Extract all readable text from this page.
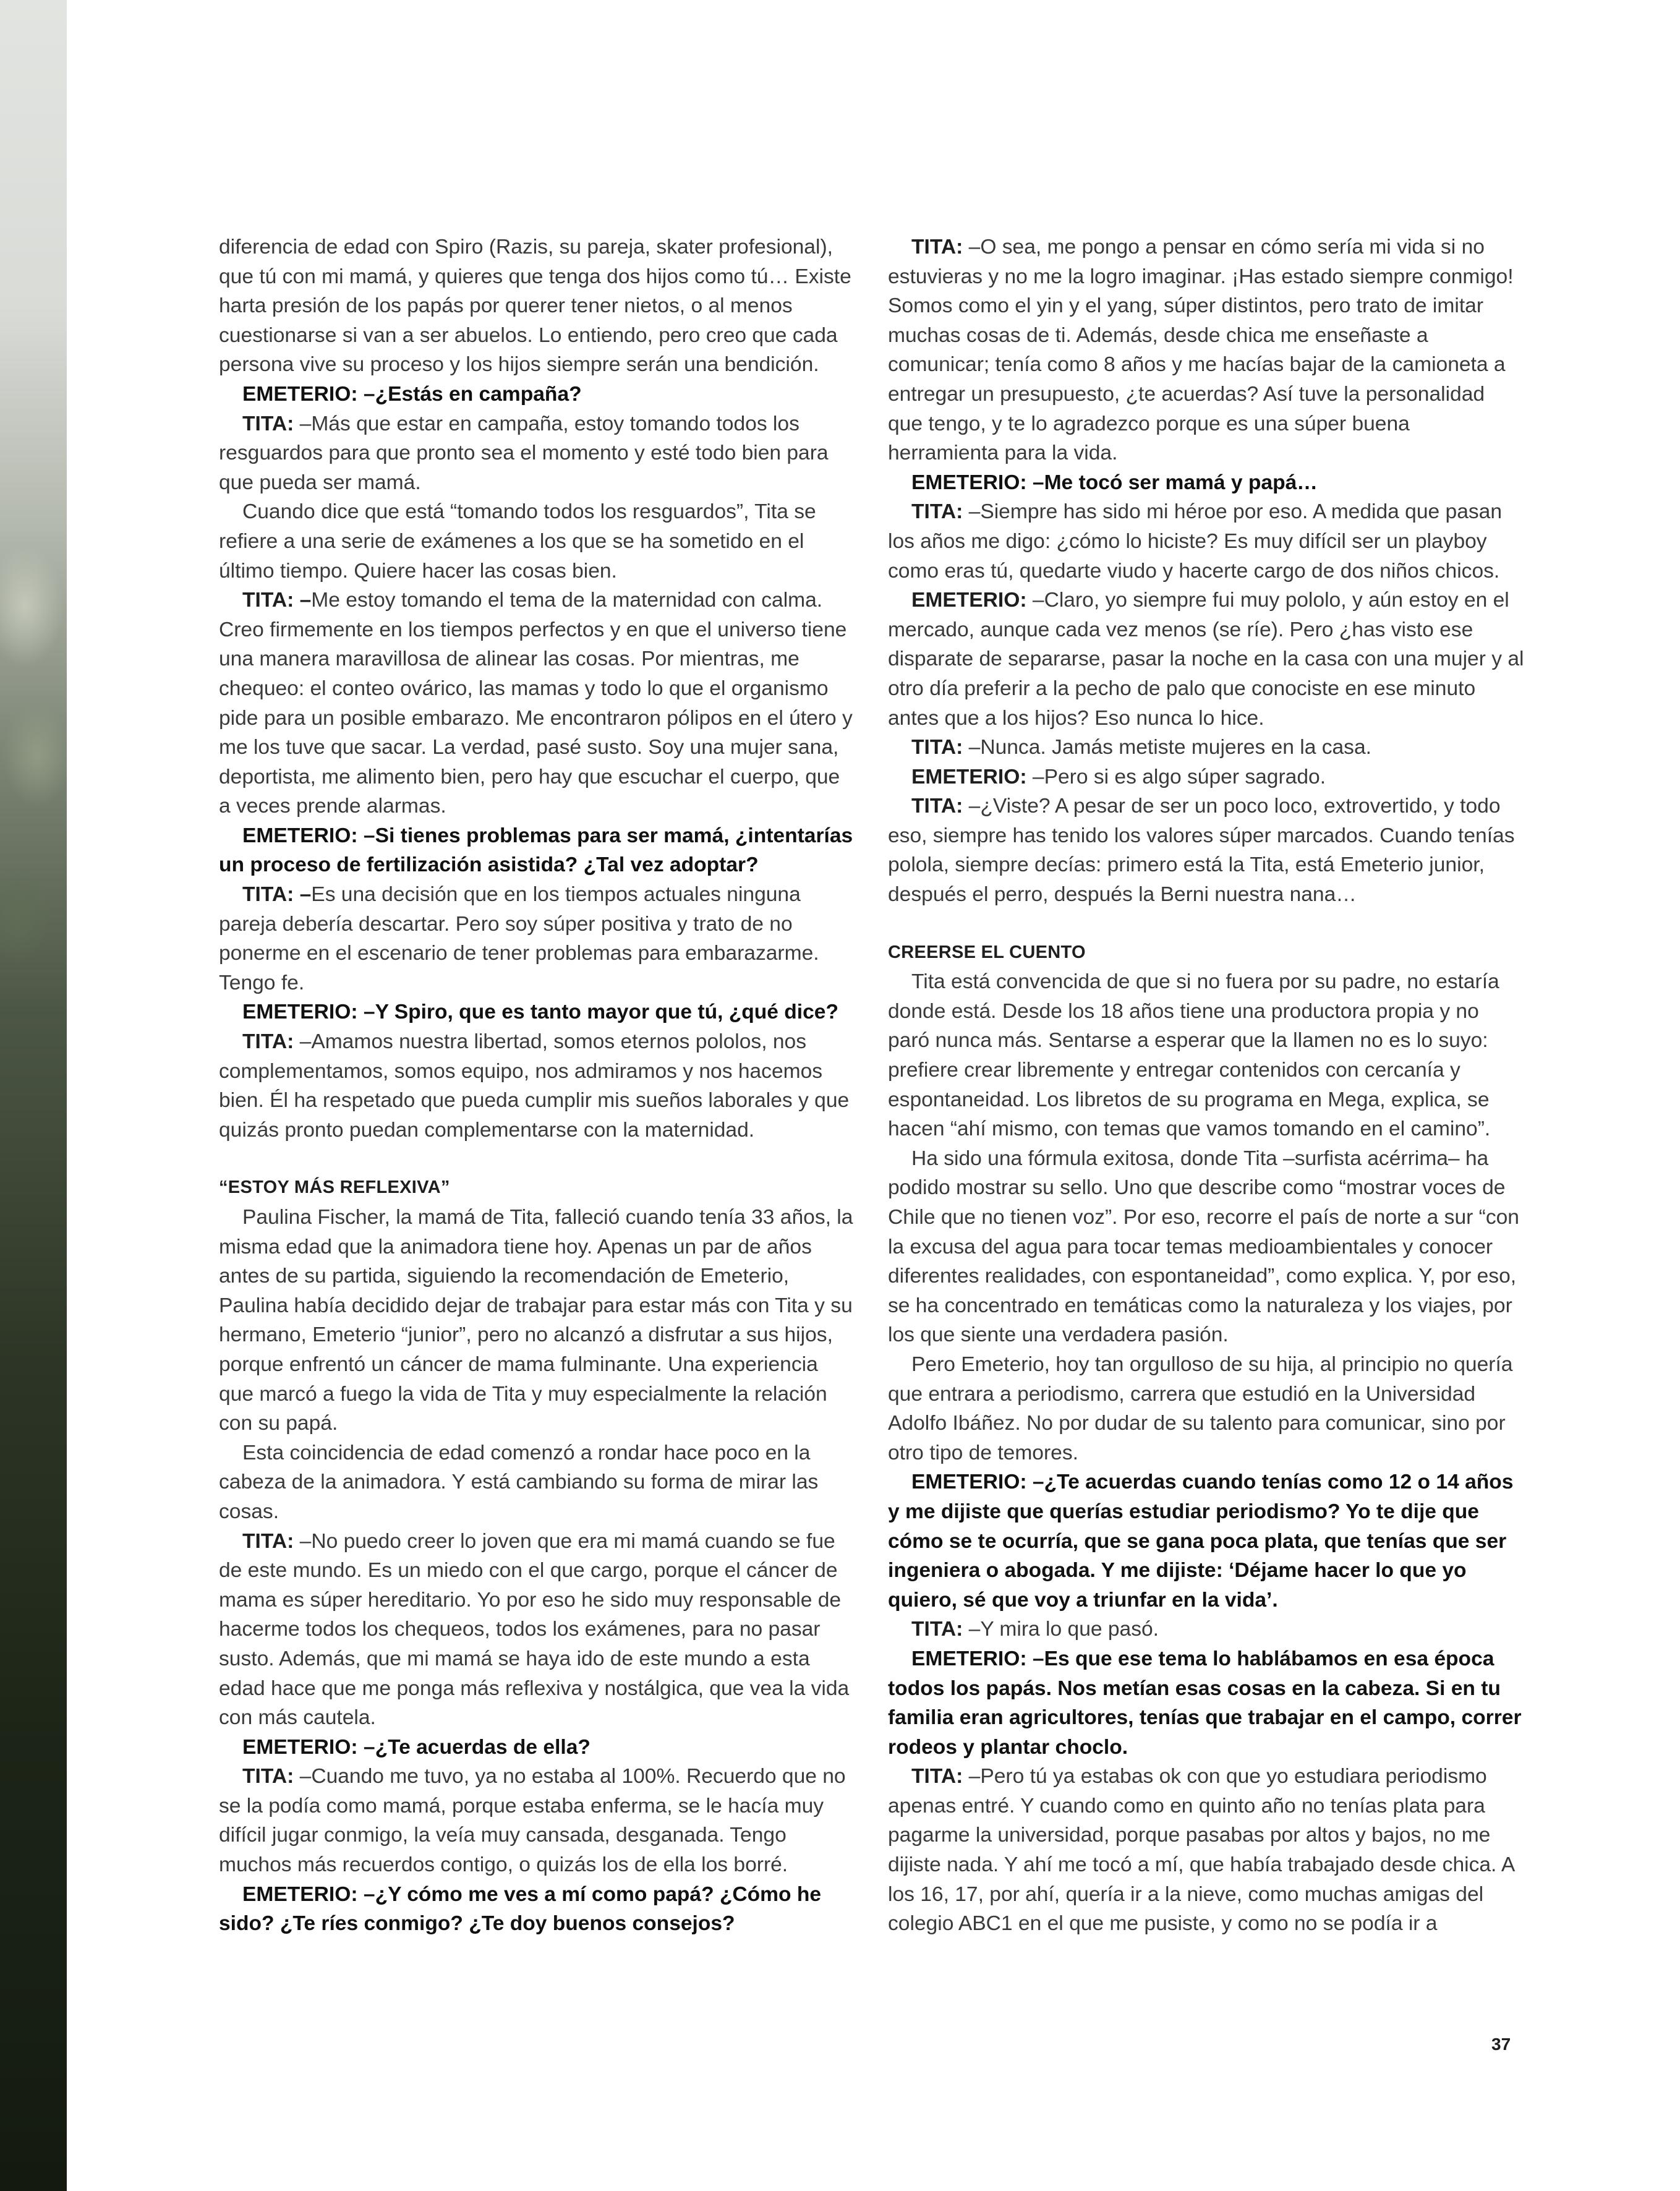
diferencia de edad con Spiro (Razis, su pareja, skater profesional), que tú con mi mamá, y quieres que tenga dos hijos como tú… Existe harta presión de los papás por querer tener nietos, o al menos cuestionarse si van a ser abuelos. Lo entiendo, pero creo que cada persona vive su proceso y los hijos siempre serán una bendición.

EMETERIO: –¿Estás en campaña?

TITA: –Más que estar en campaña, estoy tomando todos los resguardos para que pronto sea el momento y esté todo bien para que pueda ser mamá.

Cuando dice que está “tomando todos los resguardos”, Tita se refiere a una serie de exámenes a los que se ha sometido en el último tiempo. Quiere hacer las cosas bien.

TITA: –Me estoy tomando el tema de la maternidad con calma. Creo firmemente en los tiempos perfectos y en que el universo tiene una manera maravillosa de alinear las cosas. Por mientras, me chequeo: el conteo ovárico, las mamas y todo lo que el organismo pide para un posible embarazo. Me encontraron pólipos en el útero y me los tuve que sacar. La verdad, pasé susto. Soy una mujer sana, deportista, me alimento bien, pero hay que escuchar el cuerpo, que a veces prende alarmas.

EMETERIO: –Si tienes problemas para ser mamá, ¿intentarías un proceso de fertilización asistida? ¿Tal vez adoptar?

TITA: –Es una decisión que en los tiempos actuales ninguna pareja debería descartar. Pero soy súper positiva y trato de no ponerme en el escenario de tener problemas para embarazarme. Tengo fe.

EMETERIO: –Y Spiro, que es tanto mayor que tú, ¿qué dice?

TITA: –Amamos nuestra libertad, somos eternos pololos, nos complementamos, somos equipo, nos admiramos y nos hacemos bien. Él ha respetado que pueda cumplir mis sueños laborales y que quizás pronto puedan complementarse con la maternidad.

“ESTOY MÁS REFLEXIVA”

Paulina Fischer, la mamá de Tita, falleció cuando tenía 33 años, la misma edad que la animadora tiene hoy. Apenas un par de años antes de su partida, siguiendo la recomendación de Emeterio, Paulina había decidido dejar de trabajar para estar más con Tita y su hermano, Emeterio “junior”, pero no alcanzó a disfrutar a sus hijos, porque enfrentó un cáncer de mama fulminante. Una experiencia que marcó a fuego la vida de Tita y muy especialmente la relación con su papá.

Esta coincidencia de edad comenzó a rondar hace poco en la cabeza de la animadora. Y está cambiando su forma de mirar las cosas.

TITA: –No puedo creer lo joven que era mi mamá cuando se fue de este mundo. Es un miedo con el que cargo, porque el cáncer de mama es súper hereditario. Yo por eso he sido muy responsable de hacerme todos los chequeos, todos los exámenes, para no pasar susto. Además, que mi mamá se haya ido de este mundo a esta edad hace que me ponga más reflexiva y nostálgica, que vea la vida con más cautela.

EMETERIO: –¿Te acuerdas de ella?

TITA: –Cuando me tuvo, ya no estaba al 100%. Recuerdo que no se la podía como mamá, porque estaba enferma, se le hacía muy difícil jugar conmigo, la veía muy cansada, desganada. Tengo muchos más recuerdos contigo, o quizás los de ella los borré.

EMETERIO: –¿Y cómo me ves a mí como papá? ¿Cómo he sido? ¿Te ríes conmigo? ¿Te doy buenos consejos?

TITA: –O sea, me pongo a pensar en cómo sería mi vida si no estuvieras y no me la logro imaginar. ¡Has estado siempre conmigo! Somos como el yin y el yang, súper distintos, pero trato de imitar muchas cosas de ti. Además, desde chica me enseñaste a comunicar; tenía como 8 años y me hacías bajar de la camioneta a entregar un presupuesto, ¿te acuerdas? Así tuve la personalidad que tengo, y te lo agradezco porque es una súper buena herramienta para la vida.

EMETERIO: –Me tocó ser mamá y papá…

TITA: –Siempre has sido mi héroe por eso. A medida que pasan los años me digo: ¿cómo lo hiciste? Es muy difícil ser un playboy como eras tú, quedarte viudo y hacerte cargo de dos niños chicos.

EMETERIO: –Claro, yo siempre fui muy pololo, y aún estoy en el mercado, aunque cada vez menos (se ríe). Pero ¿has visto ese disparate de separarse, pasar la noche en la casa con una mujer y al otro día preferir a la pecho de palo que conociste en ese minuto antes que a los hijos? Eso nunca lo hice.

TITA: –Nunca. Jamás metiste mujeres en la casa.

EMETERIO: –Pero si es algo súper sagrado.

TITA: –¿Viste? A pesar de ser un poco loco, extrovertido, y todo eso, siempre has tenido los valores súper marcados. Cuando tenías polola, siempre decías: primero está la Tita, está Emeterio junior, después el perro, después la Berni nuestra nana…

CREERSE EL CUENTO

Tita está convencida de que si no fuera por su padre, no estaría donde está. Desde los 18 años tiene una productora propia y no paró nunca más. Sentarse a esperar que la llamen no es lo suyo: prefiere crear libremente y entregar contenidos con cercanía y espontaneidad. Los libretos de su programa en Mega, explica, se hacen “ahí mismo, con temas que vamos tomando en el camino”.

Ha sido una fórmula exitosa, donde Tita –surfista acérrima– ha podido mostrar su sello. Uno que describe como “mostrar voces de Chile que no tienen voz”. Por eso, recorre el país de norte a sur “con la excusa del agua para tocar temas medioambientales y conocer diferentes realidades, con espontaneidad”, como explica. Y, por eso, se ha concentrado en temáticas como la naturaleza y los viajes, por los que siente una verdadera pasión.

Pero Emeterio, hoy tan orgulloso de su hija, al principio no quería que entrara a periodismo, carrera que estudió en la Universidad Adolfo Ibáñez. No por dudar de su talento para comunicar, sino por otro tipo de temores.

EMETERIO: –¿Te acuerdas cuando tenías como 12 o 14 años y me dijiste que querías estudiar periodismo? Yo te dije que cómo se te ocurría, que se gana poca plata, que tenías que ser ingeniera o abogada. Y me dijiste: ‘Déjame hacer lo que yo quiero, sé que voy a triunfar en la vida’.

TITA: –Y mira lo que pasó.

EMETERIO: –Es que ese tema lo hablábamos en esa época todos los papás. Nos metían esas cosas en la cabeza. Si en tu familia eran agricultores, tenías que trabajar en el campo, correr rodeos y plantar choclo.

TITA: –Pero tú ya estabas ok con que yo estudiara periodismo apenas entré. Y cuando como en quinto año no tenías plata para pagarme la universidad, porque pasabas por altos y bajos, no me dijiste nada. Y ahí me tocó a mí, que había trabajado desde chica. A los 16, 17, por ahí, quería ir a la nieve, como muchas amigas del colegio ABC1 en el que me pusiste, y como no se podía ir a

37
